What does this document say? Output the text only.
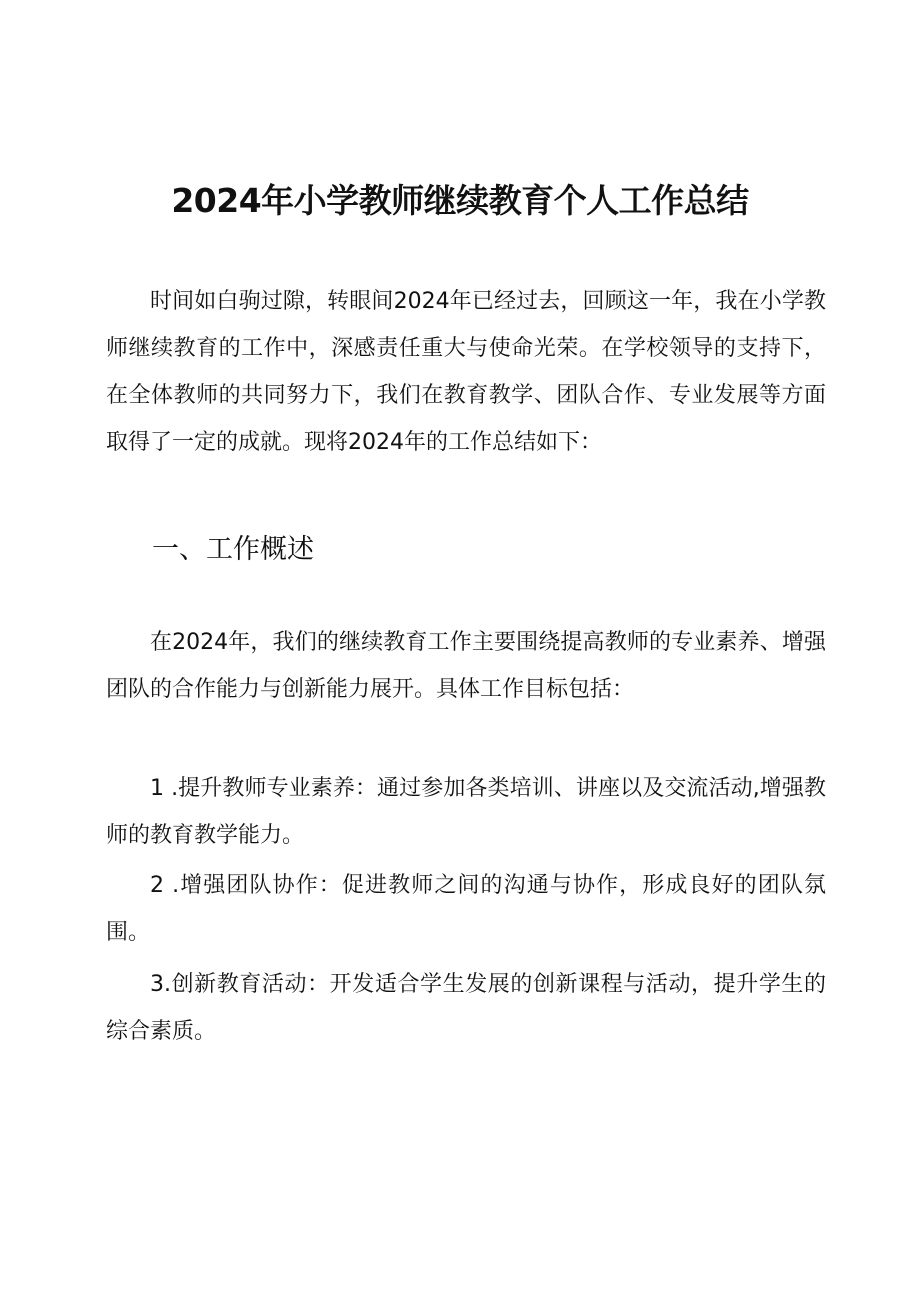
2024年小学教师继续教育个人工作总结

时间如白驹过隙，转眼间2024年已经过去，回顾这一年，我在小学教师继续教育的工作中，深感责任重大与使命光荣。在学校领导的支持下，在全体教师的共同努力下，我们在教育教学、团队合作、专业发展等方面取得了一定的成就。现将2024年的工作总结如下：

一、工作概述

在2024年，我们的继续教育工作主要围绕提高教师的专业素养、增强团队的合作能力与创新能力展开。具体工作目标包括：

1 .提升教师专业素养：通过参加各类培训、讲座以及交流活动,增强教师的教育教学能力。

2 .增强团队协作：促进教师之间的沟通与协作，形成良好的团队氛围。

3.创新教育活动：开发适合学生发展的创新课程与活动，提升学生的综合素质。
